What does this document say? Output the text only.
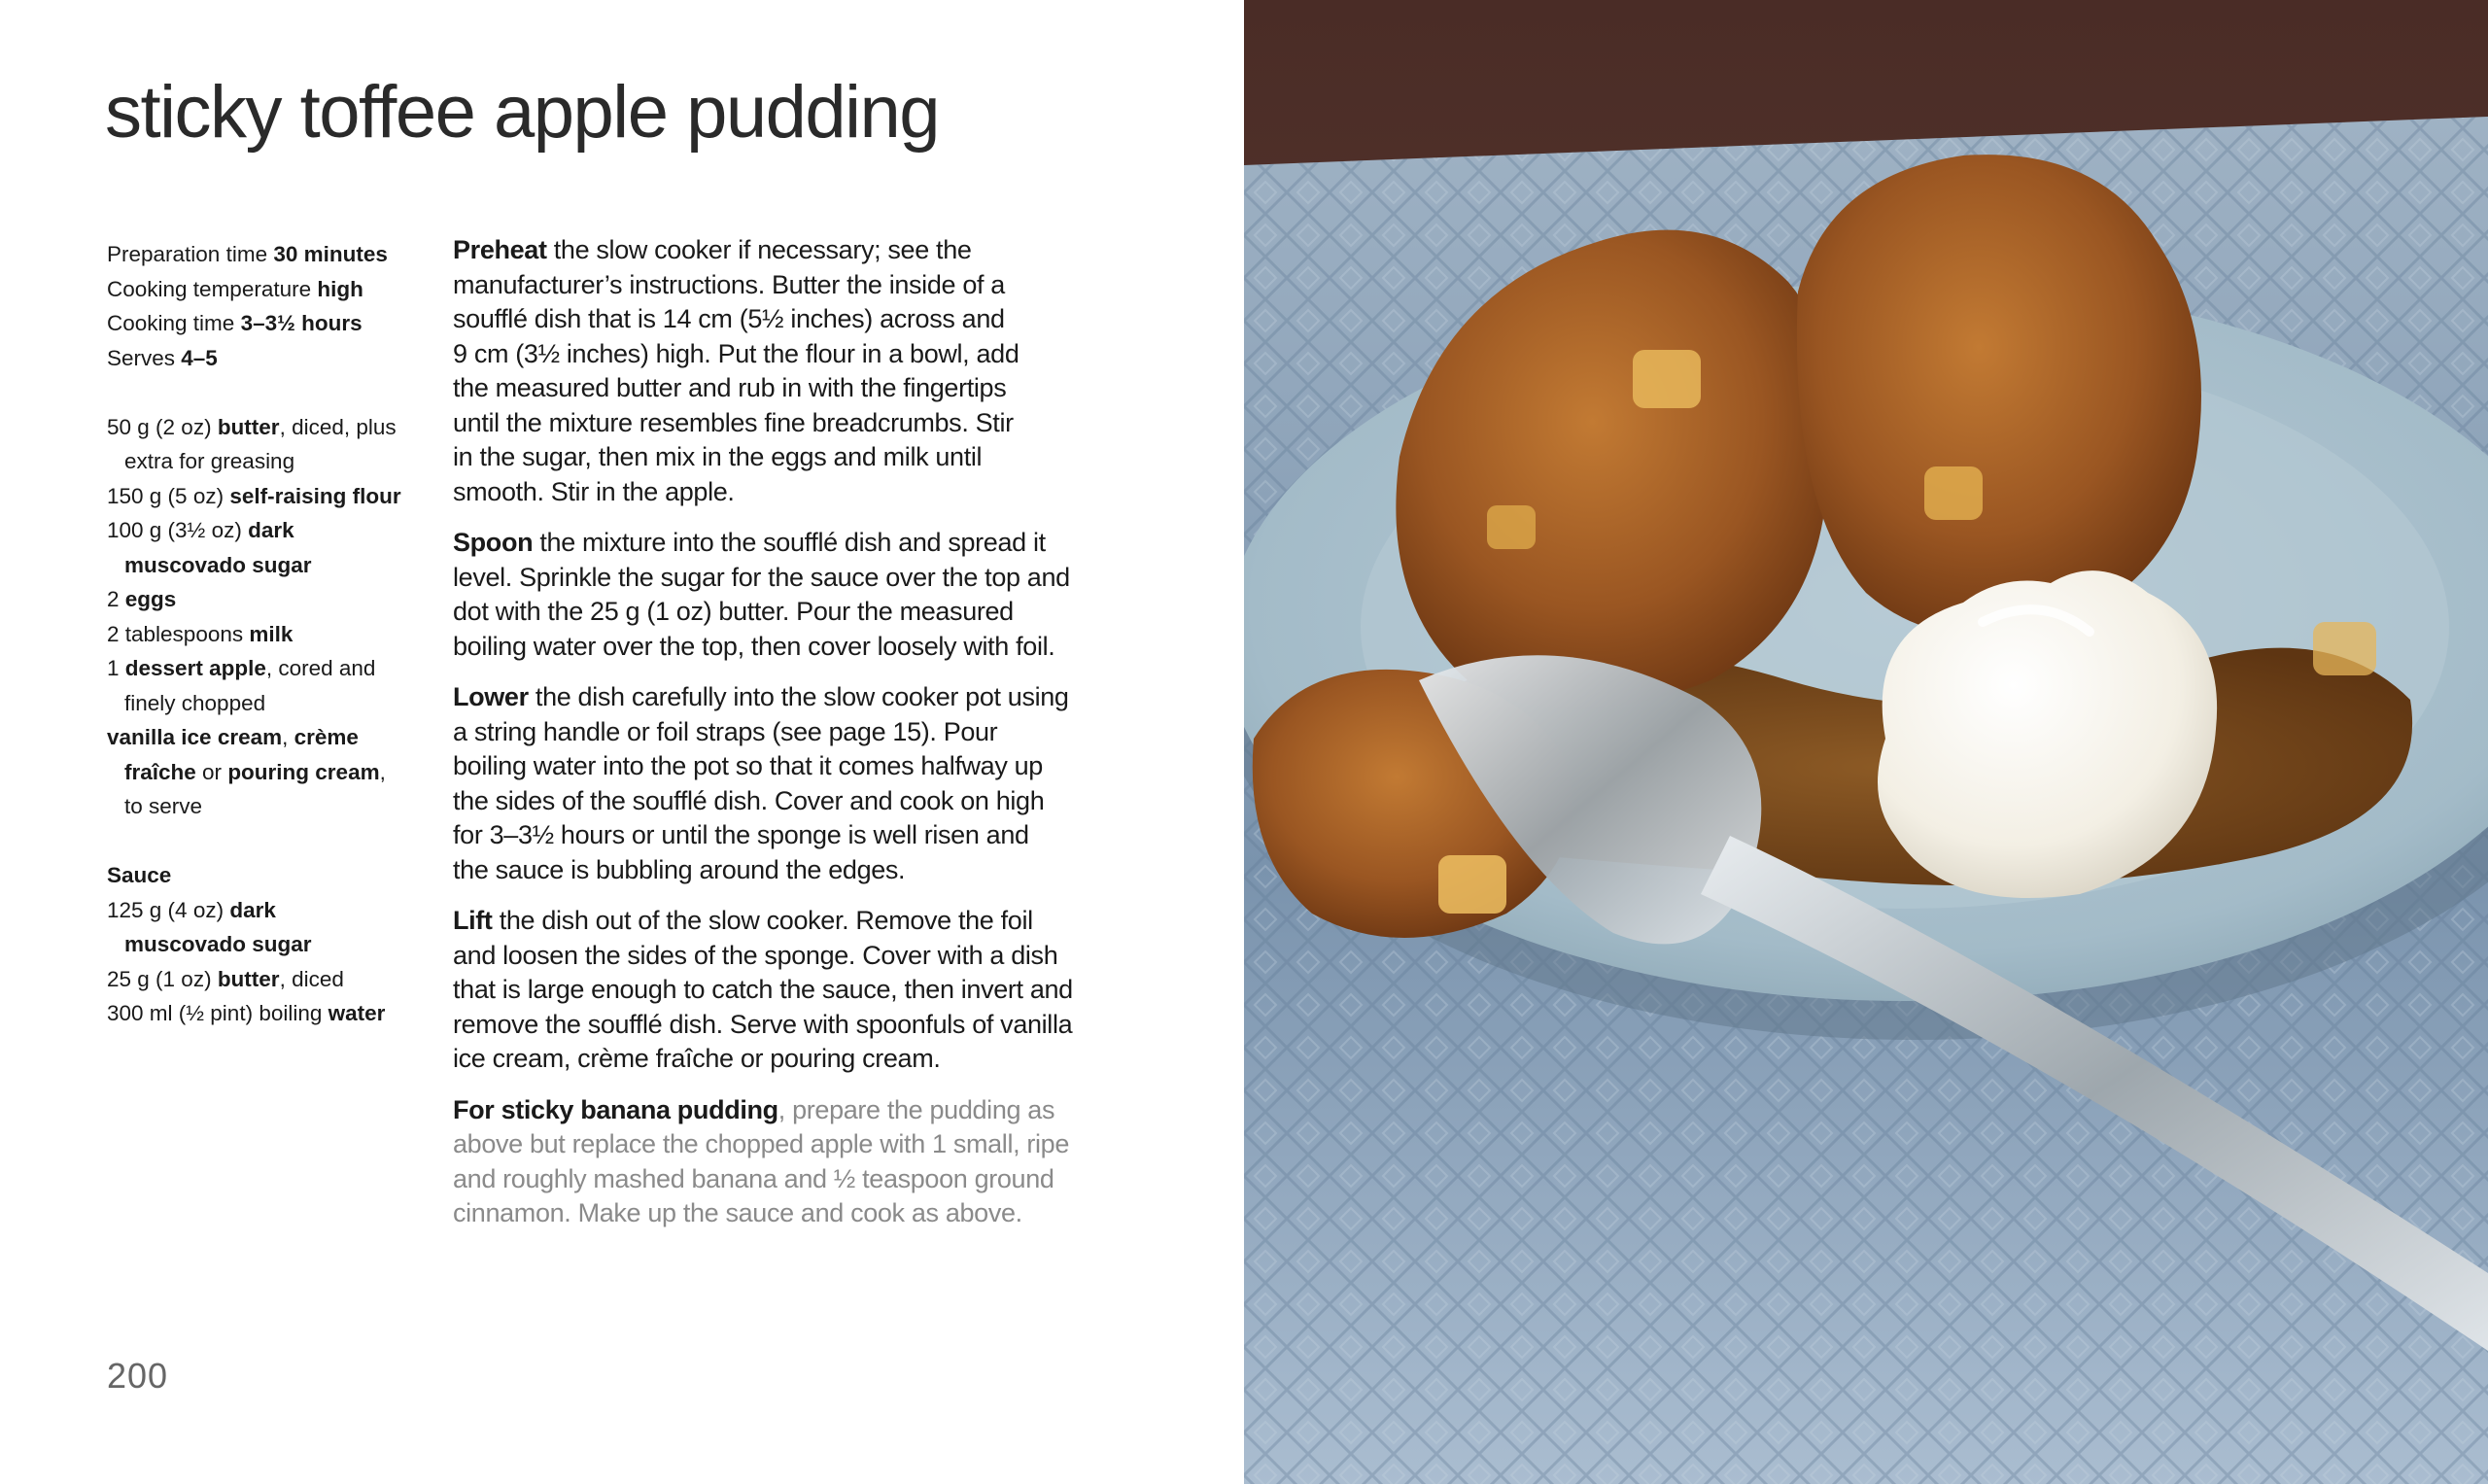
sticky toffee apple pudding
Preparation time 30 minutes
Cooking temperature high
Cooking time 3–3½ hours
Serves 4–5
50 g (2 oz) butter, diced, plus
extra for greasing
150 g (5 oz) self-raising flour
100 g (3½ oz) dark
muscovado sugar
2 eggs
2 tablespoons milk
1 dessert apple, cored and
finely chopped
vanilla ice cream, crème
fraîche or pouring cream,
to serve
Sauce
125 g (4 oz) dark
muscovado sugar
25 g (1 oz) butter, diced
300 ml (½ pint) boiling water

Preheat the slow cooker if necessary; see the
manufacturer’s instructions. Butter the inside of a
soufflé dish that is 14 cm (5½ inches) across and
9 cm (3½ inches) high. Put the flour in a bowl, add
the measured butter and rub in with the fingertips
until the mixture resembles fine breadcrumbs. Stir
in the sugar, then mix in the eggs and milk until
smooth. Stir in the apple.

Spoon the mixture into the soufflé dish and spread it
level. Sprinkle the sugar for the sauce over the top and
dot with the 25 g (1 oz) butter. Pour the measured
boiling water over the top, then cover loosely with foil.

Lower the dish carefully into the slow cooker pot using
a string handle or foil straps (see page 15). Pour
boiling water into the pot so that it comes halfway up
the sides of the soufflé dish. Cover and cook on high
for 3–3½ hours or until the sponge is well risen and
the sauce is bubbling around the edges.

Lift the dish out of the slow cooker. Remove the foil
and loosen the sides of the sponge. Cover with a dish
that is large enough to catch the sauce, then invert and
remove the soufflé dish. Serve with spoonfuls of vanilla
ice cream, crème fraîche or pouring cream.

For sticky banana pudding, prepare the pudding as
above but replace the chopped apple with 1 small, ripe
and roughly mashed banana and ½ teaspoon ground
cinnamon. Make up the sauce and cook as above.

200
